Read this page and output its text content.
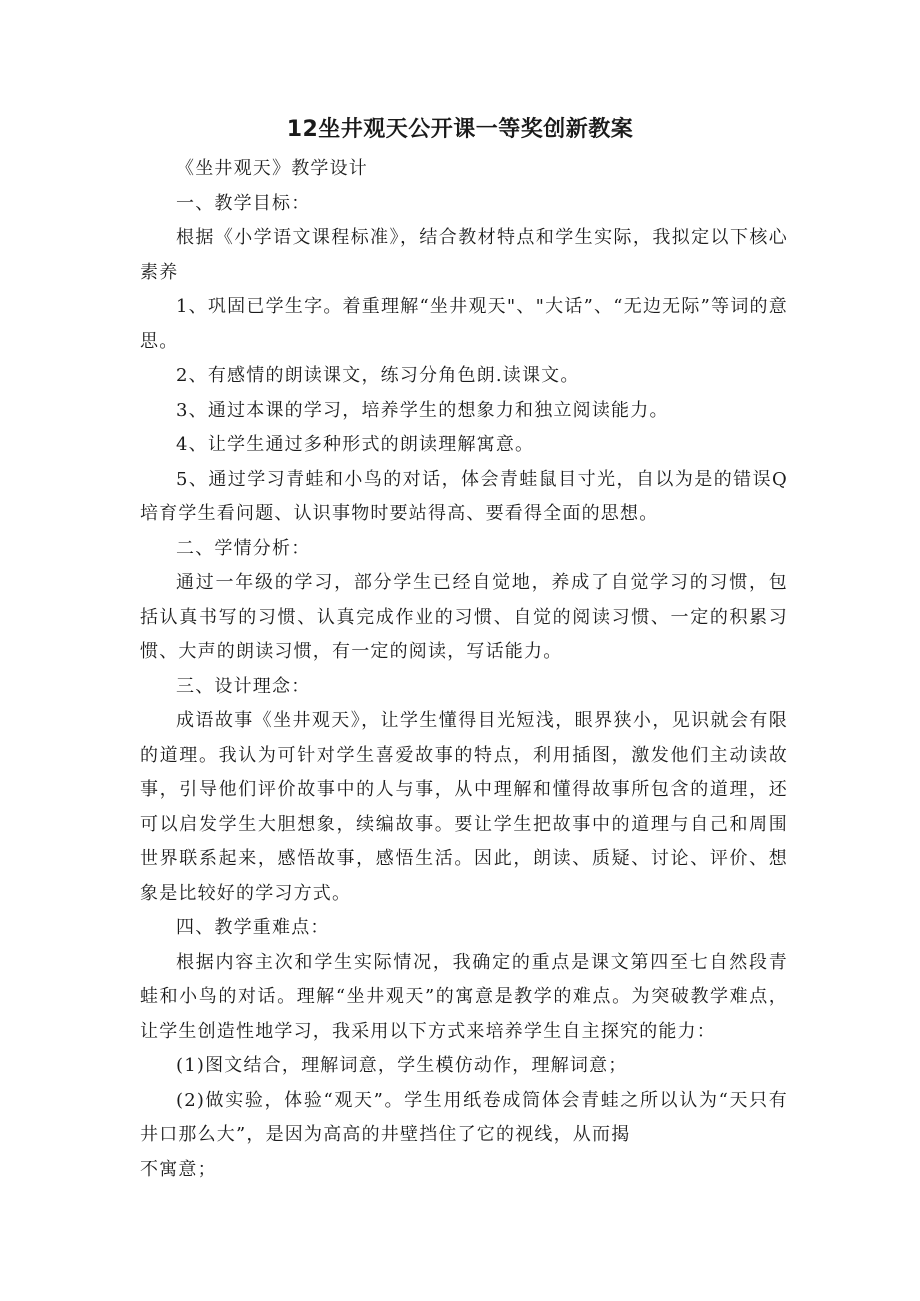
12坐井观天公开课一等奖创新教案

《坐井观天》教学设计

一、教学目标：

根据《小学语文课程标准》，结合教材特点和学生实际，我拟定以下核心素养

1、巩固已学生字。着重理解“坐井观天"、"大话”、“无边无际”等词的意思。

2、有感情的朗读课文，练习分角色朗.读课文。

3、通过本课的学习，培养学生的想象力和独立阅读能力。

4、让学生通过多种形式的朗读理解寓意。

5、通过学习青蛙和小鸟的对话，体会青蛙鼠目寸光，自以为是的错误Q培育学生看问题、认识事物时要站得高、要看得全面的思想。

二、学情分析：

通过一年级的学习，部分学生已经自觉地，养成了自觉学习的习惯，包括认真书写的习惯、认真完成作业的习惯、自觉的阅读习惯、一定的积累习惯、大声的朗读习惯，有一定的阅读，写话能力。

三、设计理念：

成语故事《坐井观天》，让学生懂得目光短浅，眼界狭小，见识就会有限的道理。我认为可针对学生喜爱故事的特点，利用插图，激发他们主动读故事，引导他们评价故事中的人与事，从中理解和懂得故事所包含的道理，还可以启发学生大胆想象，续编故事。要让学生把故事中的道理与自己和周围世界联系起来，感悟故事，感悟生活。因此，朗读、质疑、讨论、评价、想象是比较好的学习方式。

四、教学重难点：

根据内容主次和学生实际情况，我确定的重点是课文第四至七自然段青蛙和小鸟的对话。理解“坐井观天”的寓意是教学的难点。为突破教学难点，让学生创造性地学习，我采用以下方式来培养学生自主探究的能力：

(1)图文结合，理解词意，学生模仿动作，理解词意；

(2)做实验，体验“观天”。学生用纸卷成筒体会青蛙之所以认为“天只有井口那么大”，是因为高高的井壁挡住了它的视线，从而揭

不寓意；
